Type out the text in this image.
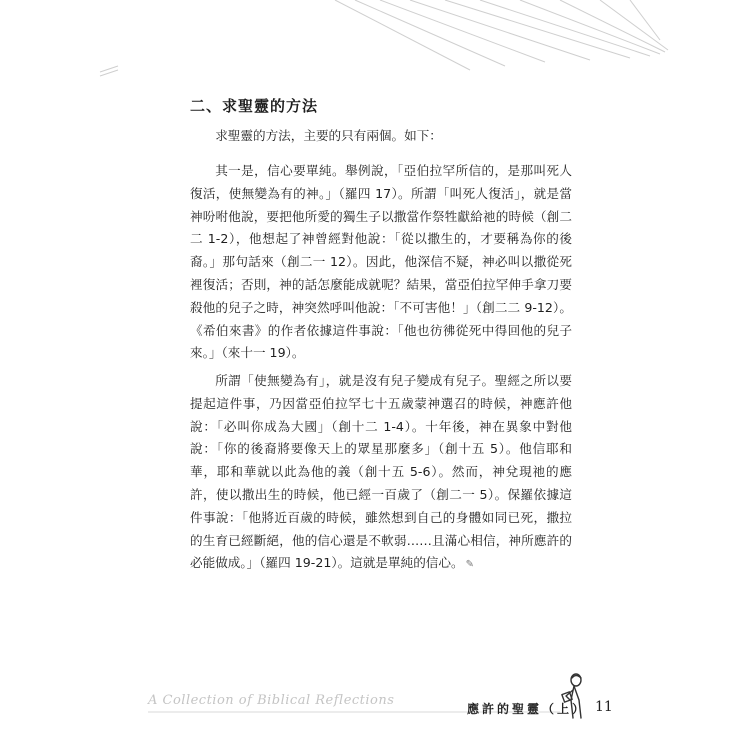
二、求聖靈的方法

求聖靈的方法，主要的只有兩個。如下：

其一是，信心要單純。舉例說，「亞伯拉罕所信的，是那叫死人復活，使無變為有的神。」（羅四 17）。所謂「叫死人復活」，就是當神吩咐他說，要把他所愛的獨生子以撒當作祭牲獻給祂的時候（創二二 1-2），他想起了神曾經對他說：「從以撒生的，才要稱為你的後裔。」那句話來（創二一 12）。因此，他深信不疑，神必叫以撒從死裡復活；否則，神的話怎麼能成就呢？結果，當亞伯拉罕伸手拿刀要殺他的兒子之時，神突然呼叫他說：「不可害他！」（創二二 9-12）。《希伯來書》的作者依據這件事說：「他也彷彿從死中得回他的兒子來。」（來十一 19）。

所謂「使無變為有」，就是沒有兒子變成有兒子。聖經之所以要提起這件事，乃因當亞伯拉罕七十五歲蒙神選召的時候，神應許他說：「必叫你成為大國」（創十二 1-4）。十年後，神在異象中對他說：「你的後裔將要像天上的眾星那麼多」（創十五 5）。他信耶和華，耶和華就以此為他的義（創十五 5-6）。然而，神兌現祂的應許，使以撒出生的時候，他已經一百歲了（創二一 5）。保羅依據這件事說：「他將近百歲的時候，雖然想到自己的身體如同已死，撒拉的生育已經斷絕，他的信心還是不軟弱……且滿心相信，神所應許的必能做成。」（羅四 19-21）。這就是單純的信心。 ✎

A Collection of Biblical Reflections
應許的聖靈（上） 11
